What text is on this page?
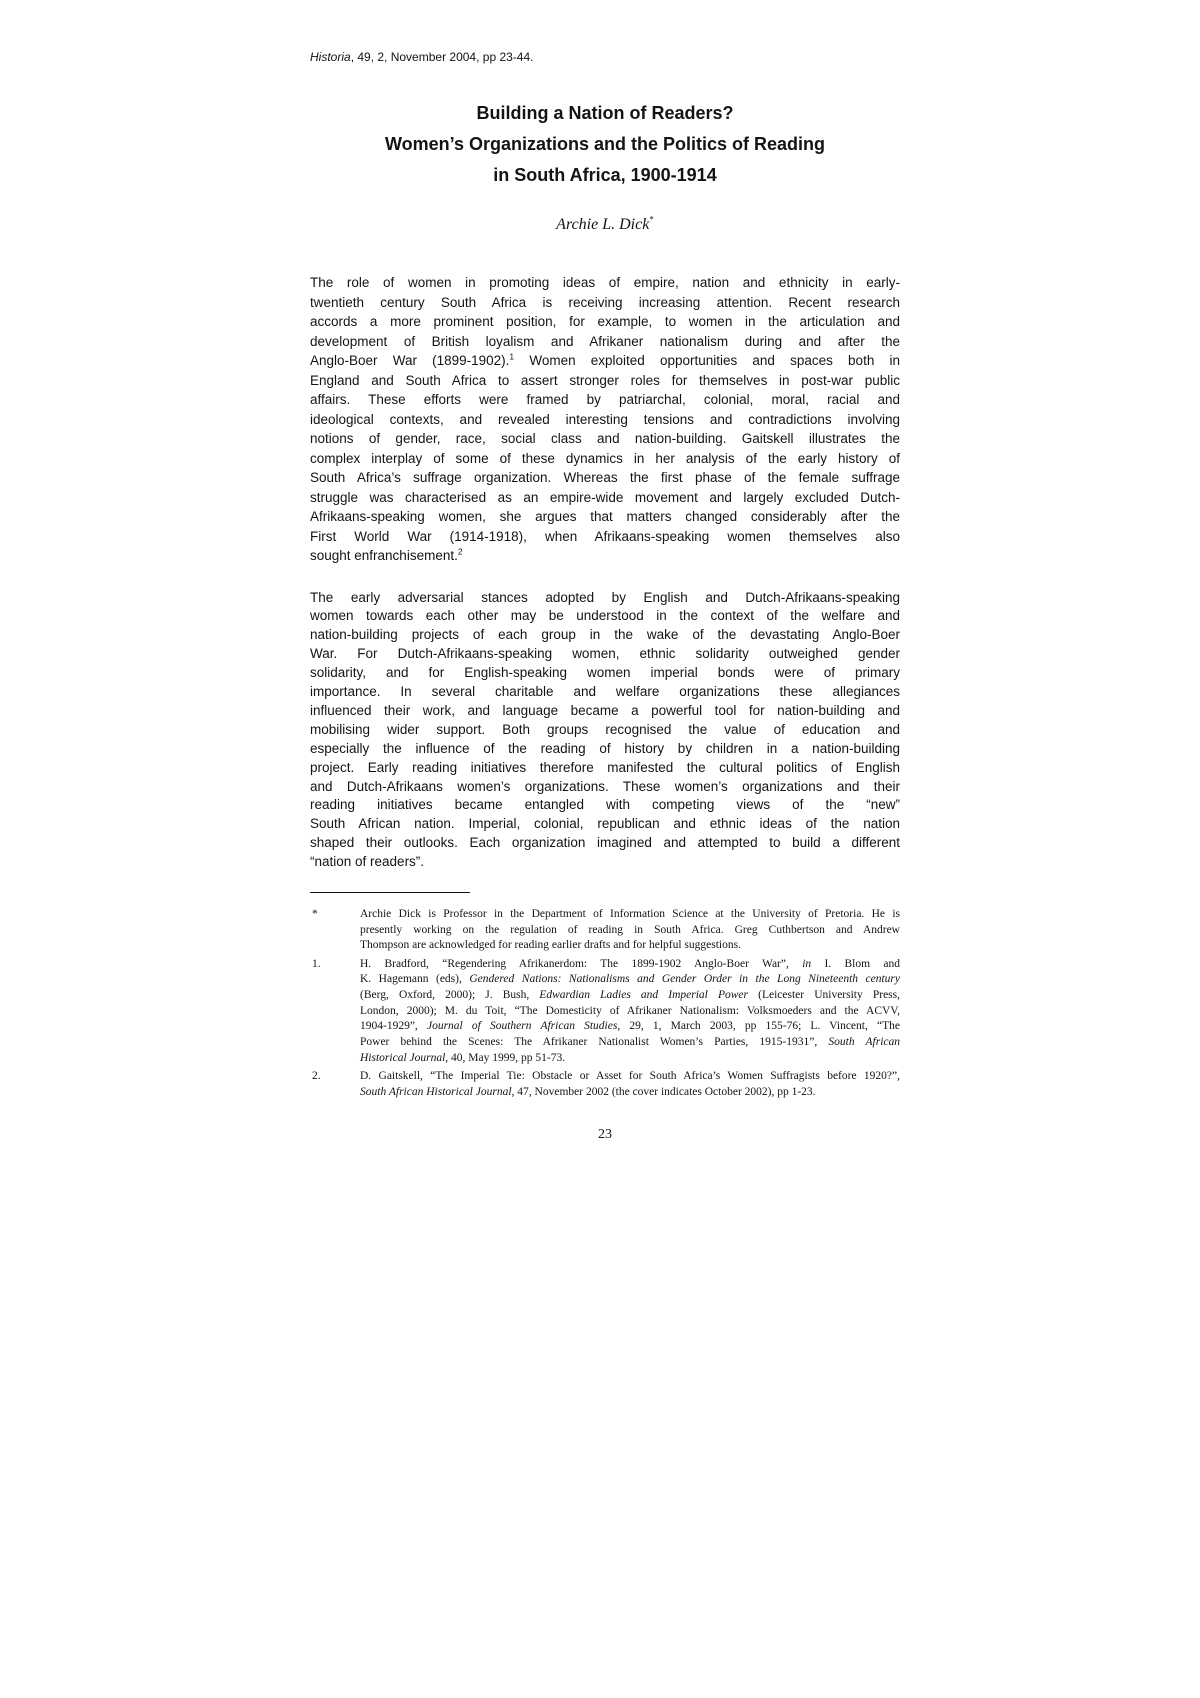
Historia, 49, 2, November 2004, pp 23-44.
Building a Nation of Readers?
Women’s Organizations and the Politics of Reading
in South Africa, 1900-1914
Archie L. Dick*
The role of women in promoting ideas of empire, nation and ethnicity in early-
twentieth century South Africa is receiving increasing attention. Recent research
accords a more prominent position, for example, to women in the articulation and
development of British loyalism and Afrikaner nationalism during and after the
Anglo-Boer War (1899-1902).$^1$ Women exploited opportunities and spaces both in
England and South Africa to assert stronger roles for themselves in post-war public
affairs. These efforts were framed by patriarchal, colonial, moral, racial and
ideological contexts, and revealed interesting tensions and contradictions involving
notions of gender, race, social class and nation-building. Gaitskell illustrates the
complex interplay of some of these dynamics in her analysis of the early history of
South Africa’s suffrage organization. Whereas the first phase of the female suffrage
struggle was characterised as an empire-wide movement and largely excluded Dutch-
Afrikaans-speaking women, she argues that matters changed considerably after the
First World War (1914-1918), when Afrikaans-speaking women themselves also
sought enfranchisement.$^2$
The early adversarial stances adopted by English and Dutch-Afrikaans-speaking
women towards each other may be understood in the context of the welfare and
nation-building projects of each group in the wake of the devastating Anglo-Boer
War. For Dutch-Afrikaans-speaking women, ethnic solidarity outweighed gender
solidarity, and for English-speaking women imperial bonds were of primary
importance. In several charitable and welfare organizations these allegiances
influenced their work, and language became a powerful tool for nation-building and
mobilising wider support. Both groups recognised the value of education and
especially the influence of the reading of history by children in a nation-building
project. Early reading initiatives therefore manifested the cultural politics of English
and Dutch-Afrikaans women’s organizations. These women’s organizations and their
reading initiatives became entangled with competing views of the “new”
South African nation. Imperial, colonial, republican and ethnic ideas of the nation
shaped their outlooks. Each organization imagined and attempted to build a different
“nation of readers”.
*	Archie Dick is Professor in the Department of Information Science at the University of Pretoria. He is
presently working on the regulation of reading in South Africa. Greg Cuthbertson and Andrew
Thompson are acknowledged for reading earlier drafts and for helpful suggestions.
1.	H. Bradford, “Regendering Afrikanerdom: The 1899-1902 Anglo-Boer War”, in I. Blom and
K. Hagemann (eds), Gendered Nations: Nationalisms and Gender Order in the Long Nineteenth century
(Berg, Oxford, 2000); J. Bush, Edwardian Ladies and Imperial Power (Leicester University Press,
London, 2000); M. du Toit, “The Domesticity of Afrikaner Nationalism: Volksmoeders and the ACVV,
1904-1929”, Journal of Southern African Studies, 29, 1, March 2003, pp 155-76; L. Vincent, “The
Power behind the Scenes: The Afrikaner Nationalist Women’s Parties, 1915-1931”, South African
Historical Journal, 40, May 1999, pp 51-73.
2.	D. Gaitskell, “The Imperial Tie: Obstacle or Asset for South Africa’s Women Suffragists before 1920?”,
South African Historical Journal, 47, November 2002 (the cover indicates October 2002), pp 1-23.
23
